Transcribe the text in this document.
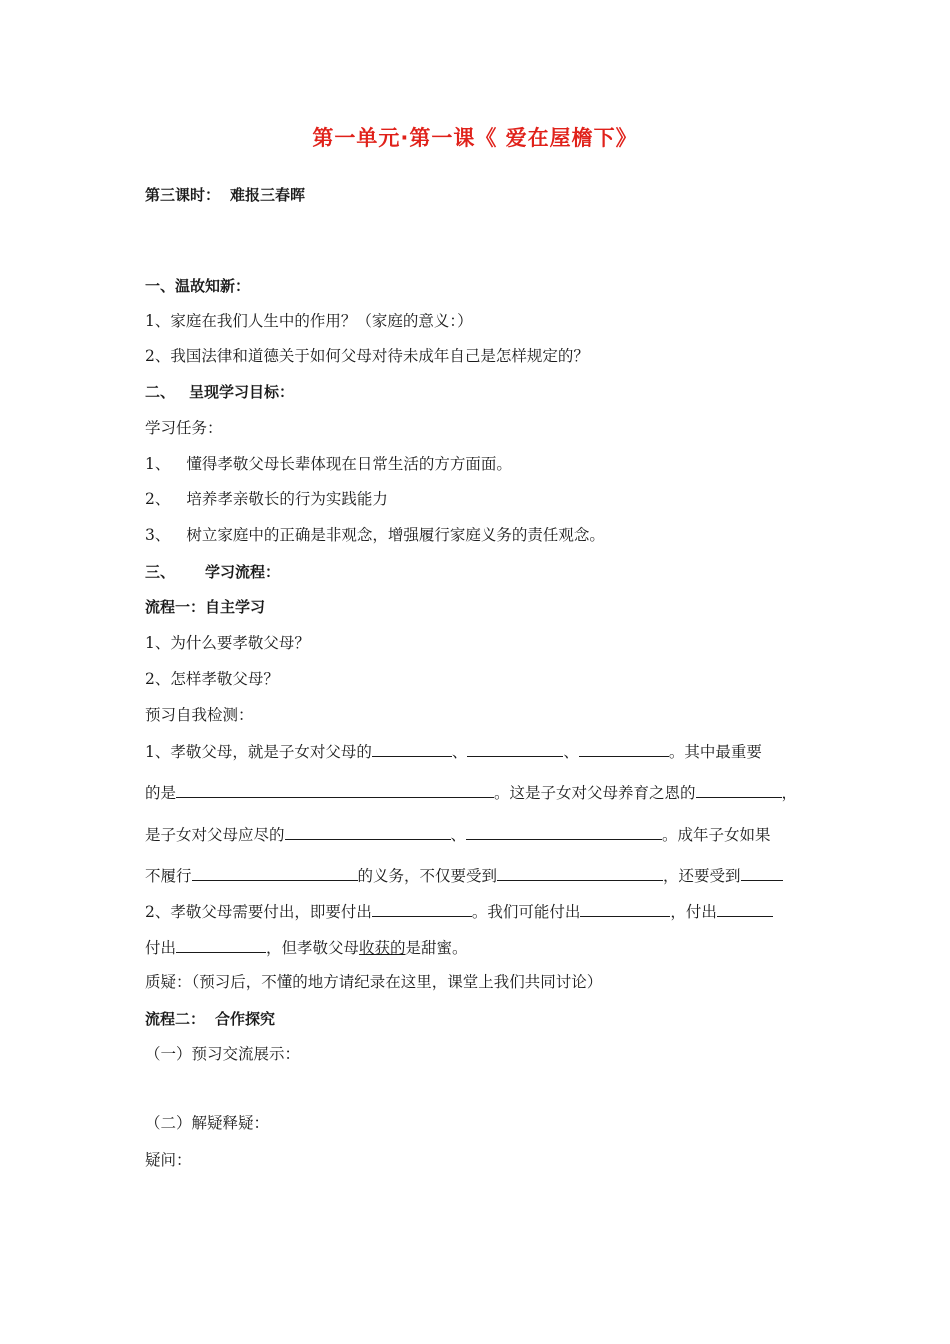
第一单元·第一课《 爱在屋檐下》
第三课时： 难报三春晖
一、温故知新：
1、家庭在我们人生中的作用？（家庭的意义：）
2、我国法律和道德关于如何父母对待未成年自己是怎样规定的？
二、 呈现学习目标：
学习任务：
1、 懂得孝敬父母长辈体现在日常生活的方方面面。
2、 培养孝亲敬长的行为实践能力
3、 树立家庭中的正确是非观念，增强履行家庭义务的责任观念。
三、 学习流程：
流程一：自主学习
1、为什么要孝敬父母？
2、怎样孝敬父母？
预习自我检测：
1、孝敬父母，就是子女对父母的	、	、	。其中最重要
的是	。这是子女对父母养育之恩的	，
是子女对父母应尽的	、	。成年子女如果
不履行	的义务，不仅要受到	，还要受到
2、孝敬父母需要付出，即要付出	。我们可能付出	，付出
付出	，但孝敬父母收获的是甜蜜。
质疑：（预习后，不懂的地方请纪录在这里，课堂上我们共同讨论）
流程二： 合作探究
（一）预习交流展示：
（二）解疑释疑：
疑问：
